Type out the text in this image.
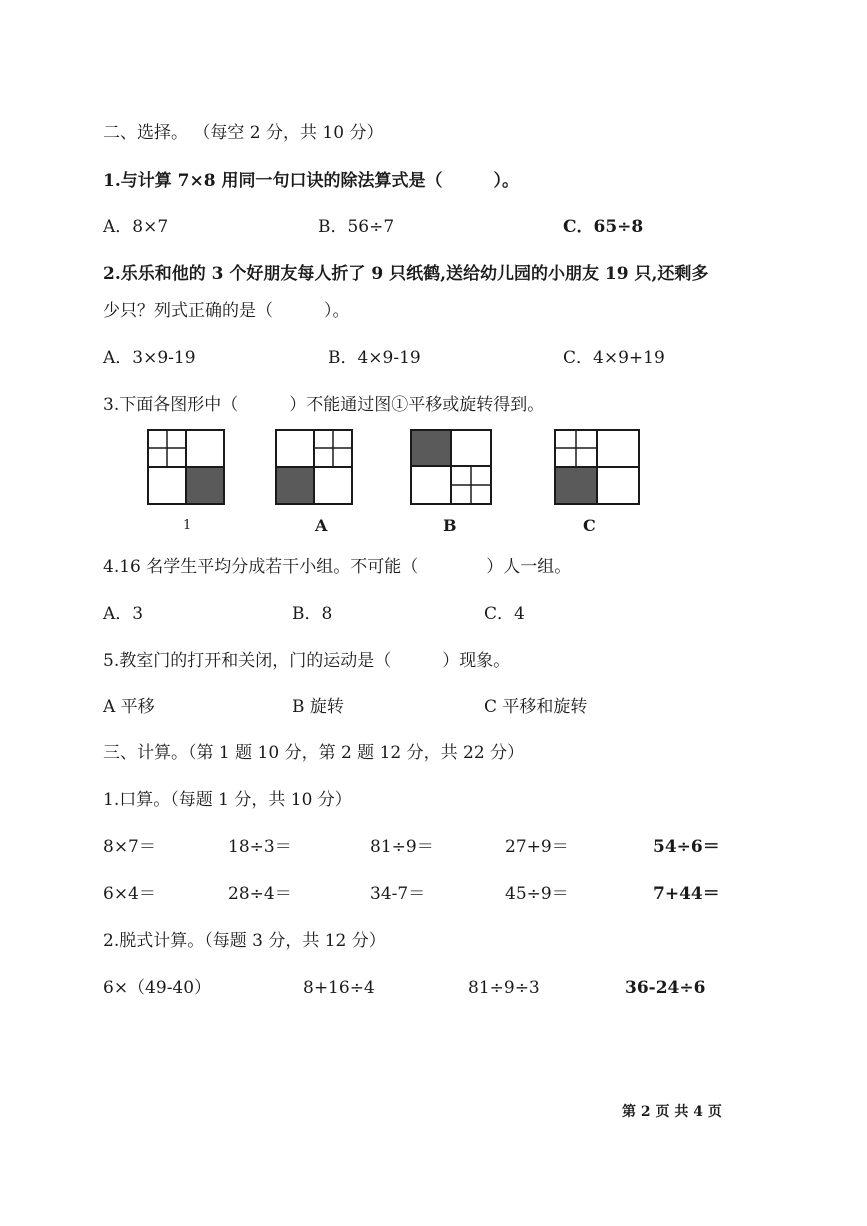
二、选择。 （每空 2 分，共 10 分）
1.与计算 7×8 用同一句口诀的除法算式是（　　　）。
A．8×7	B．56÷7	C．65÷8
2.乐乐和他的 3 个好朋友每人折了 9 只纸鹤,送给幼儿园的小朋友 19 只,还剩多
少只？列式正确的是（　　　）。
A．3×9-19	B．4×9-19	C．4×9+19
3.下面各图形中（　　　）不能通过图①平移或旋转得到。
1	A	B	C
4.16 名学生平均分成若干小组。不可能（　　　　）人一组。
A．3	B．8	C．4
5.教室门的打开和关闭，门的运动是（　　　）现象。
A 平移	B 旋转	C 平移和旋转
三、计算。（第 1 题 10 分，第 2 题 12 分，共 22 分）
1.口算。（每题 1 分，共 10 分）
8×7＝	18÷3＝	81÷9＝	27+9＝	54÷6＝
6×4＝	28÷4＝	34-7＝	45÷9＝	7+44＝
2.脱式计算。（每题 3 分，共 12 分）
6×（49-40）	8+16÷4	81÷9÷3	36-24÷6
第 2 页 共 4 页
